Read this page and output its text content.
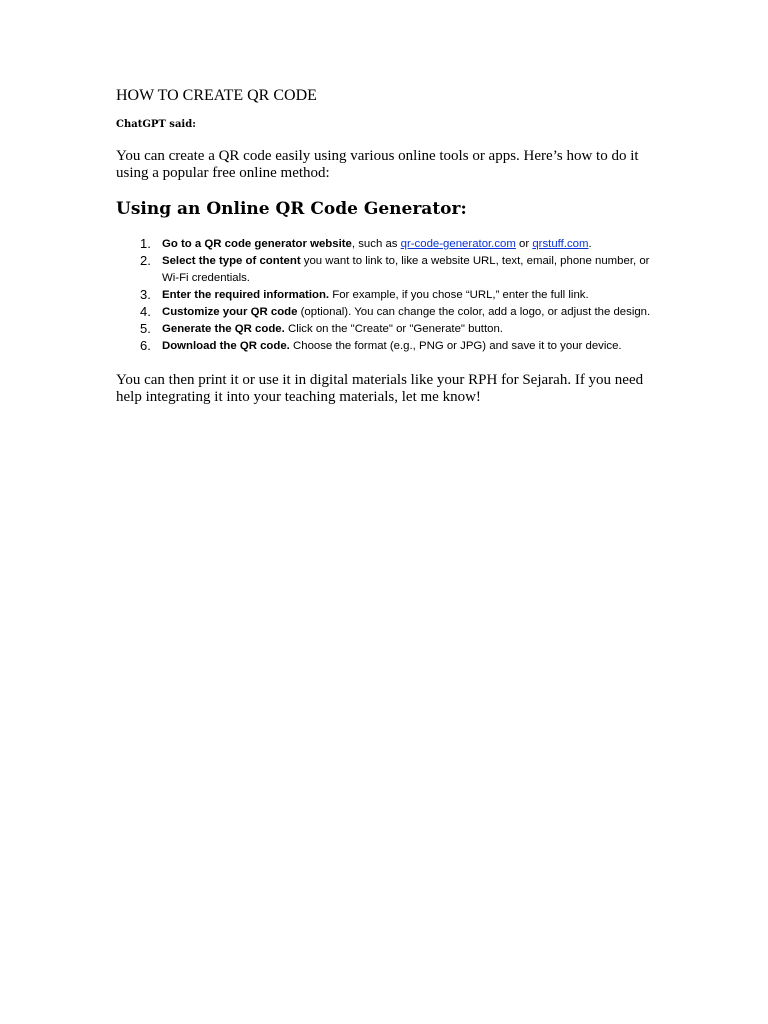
HOW TO CREATE QR CODE

ChatGPT said:

You can create a QR code easily using various online tools or apps. Here’s how to do it using a popular free online method:

Using an Online QR Code Generator:
1. Go to a QR code generator website, such as qr-code-generator.com or qrstuff.com.
2. Select the type of content you want to link to, like a website URL, text, email, phone number, or Wi-Fi credentials.
3. Enter the required information. For example, if you chose “URL,” enter the full link.
4. Customize your QR code (optional). You can change the color, add a logo, or adjust the design.
5. Generate the QR code. Click on the "Create" or "Generate" button.
6. Download the QR code. Choose the format (e.g., PNG or JPG) and save it to your device.

You can then print it or use it in digital materials like your RPH for Sejarah. If you need help integrating it into your teaching materials, let me know!
